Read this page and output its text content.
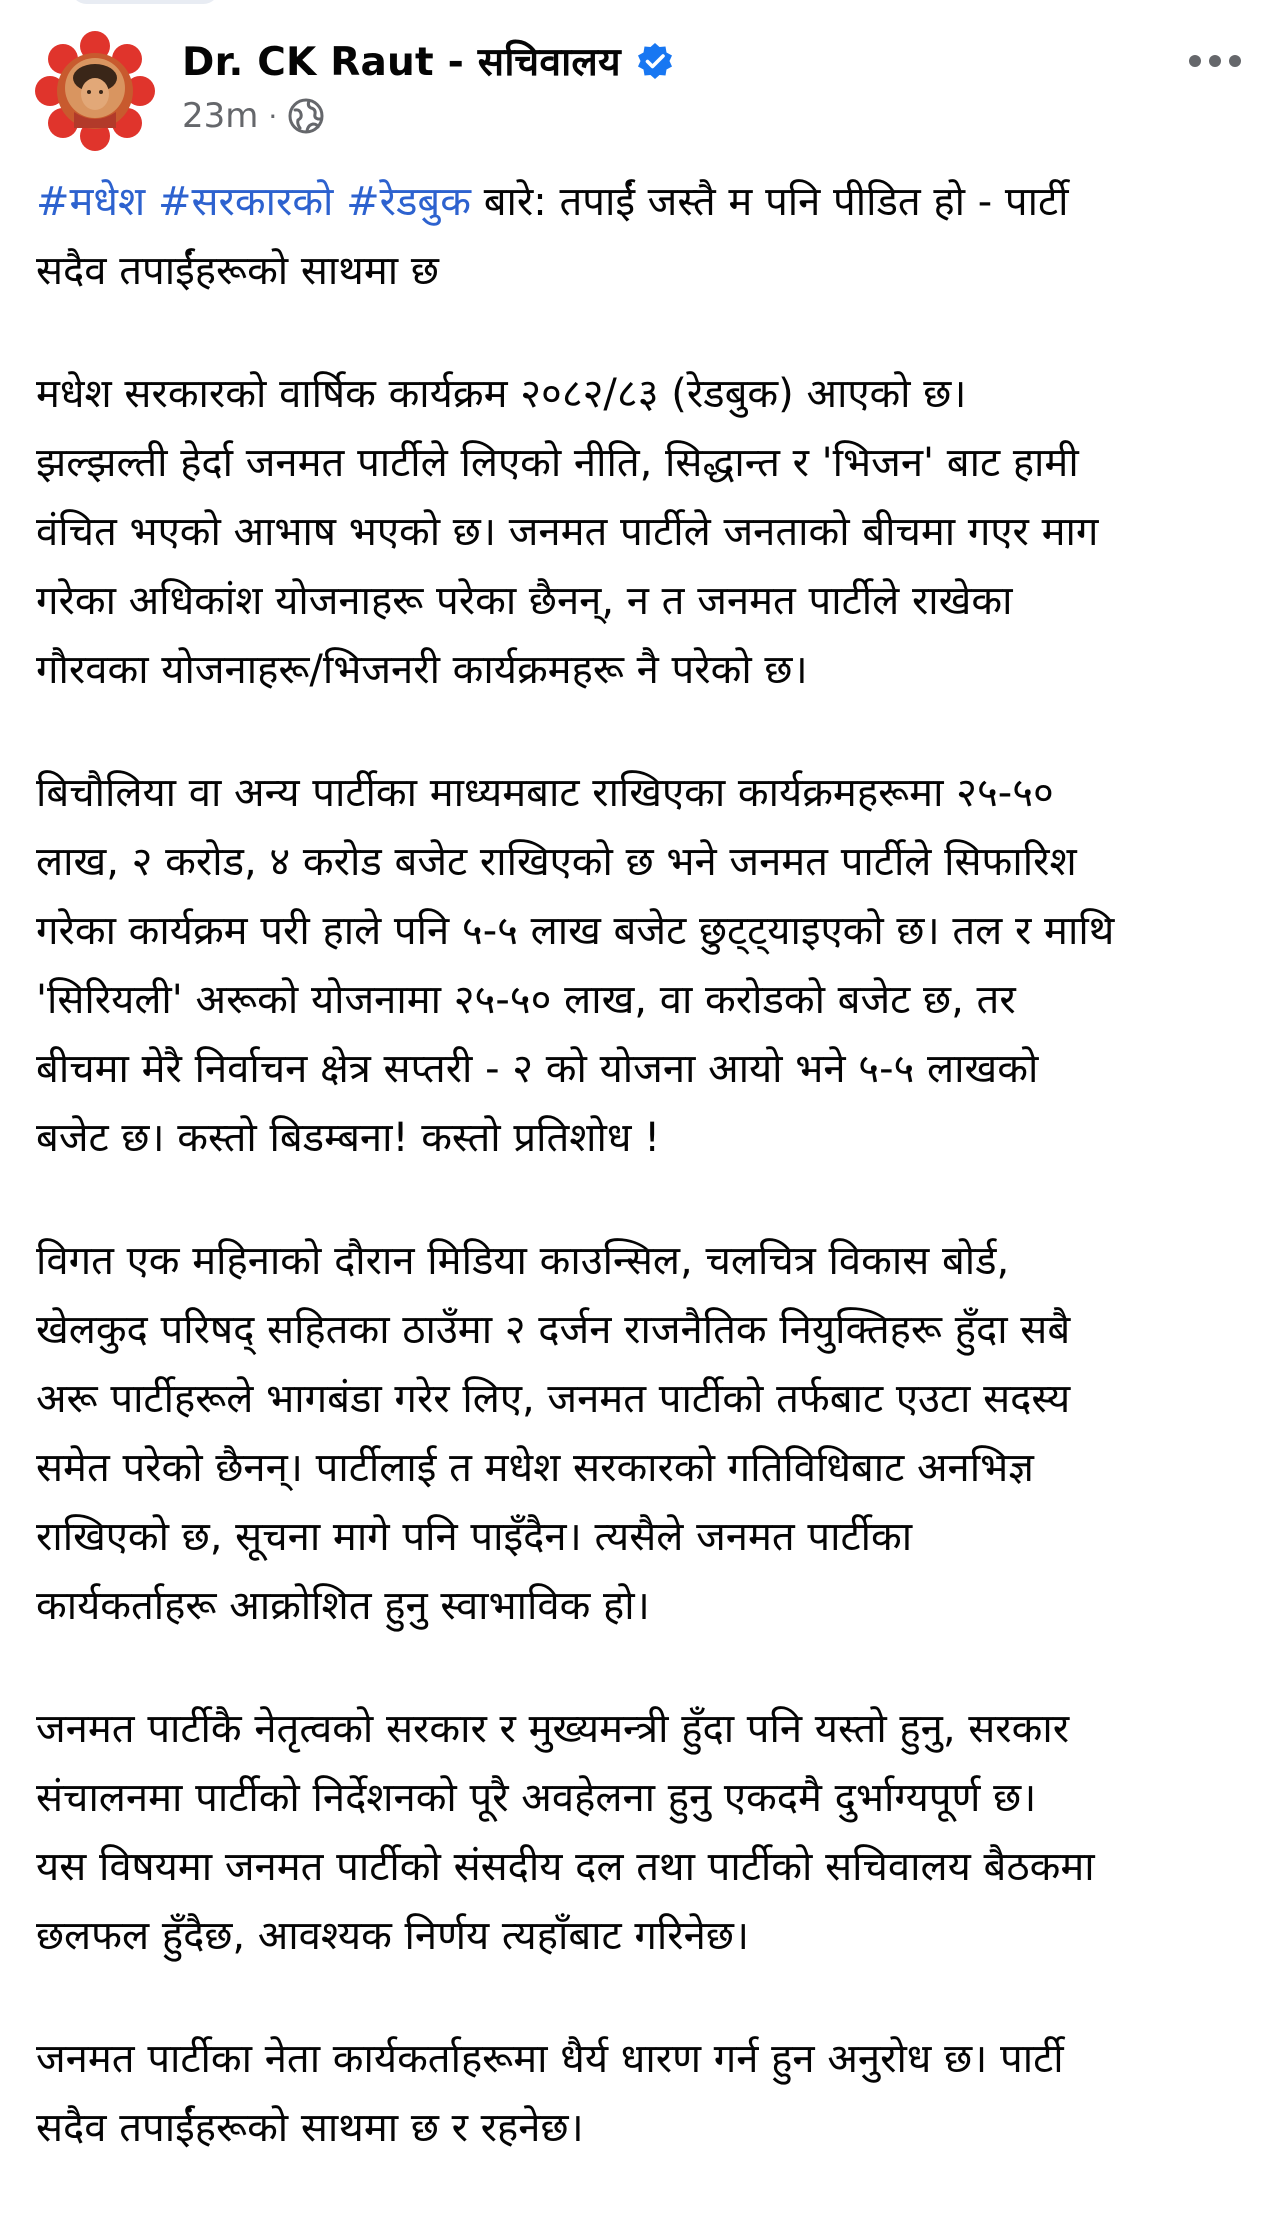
Dr. CK Raut - सचिवालय
23m ·
#मधेश #सरकारको #रेडबुक बारे: तपाईं जस्तै म पनि पीडित हो - पार्टी
सदैव तपाईंहरूको साथमा छ
मधेश सरकारको वार्षिक कार्यक्रम २०८२/८३ (रेडबुक) आएको छ।
झल्झल्ती हेर्दा जनमत पार्टीले लिएको नीति, सिद्धान्त र 'भिजन' बाट हामी
वंचित भएको आभाष भएको छ। जनमत पार्टीले जनताको बीचमा गएर माग
गरेका अधिकांश योजनाहरू परेका छैनन्, न त जनमत पार्टीले राखेका
गौरवका योजनाहरू/भिजनरी कार्यक्रमहरू नै परेको छ।
बिचौलिया वा अन्य पार्टीका माध्यमबाट राखिएका कार्यक्रमहरूमा २५-५०
लाख, २ करोड, ४ करोड बजेट राखिएको छ भने जनमत पार्टीले सिफारिश
गरेका कार्यक्रम परी हाले पनि ५-५ लाख बजेट छुट्ट्याइएको छ। तल र माथि
'सिरियली' अरूको योजनामा २५-५० लाख, वा करोडको बजेट छ, तर
बीचमा मेरै निर्वाचन क्षेत्र सप्तरी - २ को योजना आयो भने ५-५ लाखको
बजेट छ। कस्तो बिडम्बना! कस्तो प्रतिशोध !
विगत एक महिनाको दौरान मिडिया काउन्सिल, चलचित्र विकास बोर्ड,
खेलकुद परिषद् सहितका ठाउँमा २ दर्जन राजनैतिक नियुक्तिहरू हुँदा सबै
अरू पार्टीहरूले भागबंडा गरेर लिए, जनमत पार्टीको तर्फबाट एउटा सदस्य
समेत परेको छैनन्। पार्टीलाई त मधेश सरकारको गतिविधिबाट अनभिज्ञ
राखिएको छ, सूचना मागे पनि पाइँदैन। त्यसैले जनमत पार्टीका
कार्यकर्ताहरू आक्रोशित हुनु स्वाभाविक हो।
जनमत पार्टीकै नेतृत्वको सरकार र मुख्यमन्त्री हुँदा पनि यस्तो हुनु, सरकार
संचालनमा पार्टीको निर्देशनको पूरै अवहेलना हुनु एकदमै दुर्भाग्यपूर्ण छ।
यस विषयमा जनमत पार्टीको संसदीय दल तथा पार्टीको सचिवालय बैठकमा
छलफल हुँदैछ, आवश्यक निर्णय त्यहाँबाट गरिनेछ।
जनमत पार्टीका नेता कार्यकर्ताहरूमा धैर्य धारण गर्न हुन अनुरोध छ। पार्टी
सदैव तपाईंहरूको साथमा छ र रहनेछ।
